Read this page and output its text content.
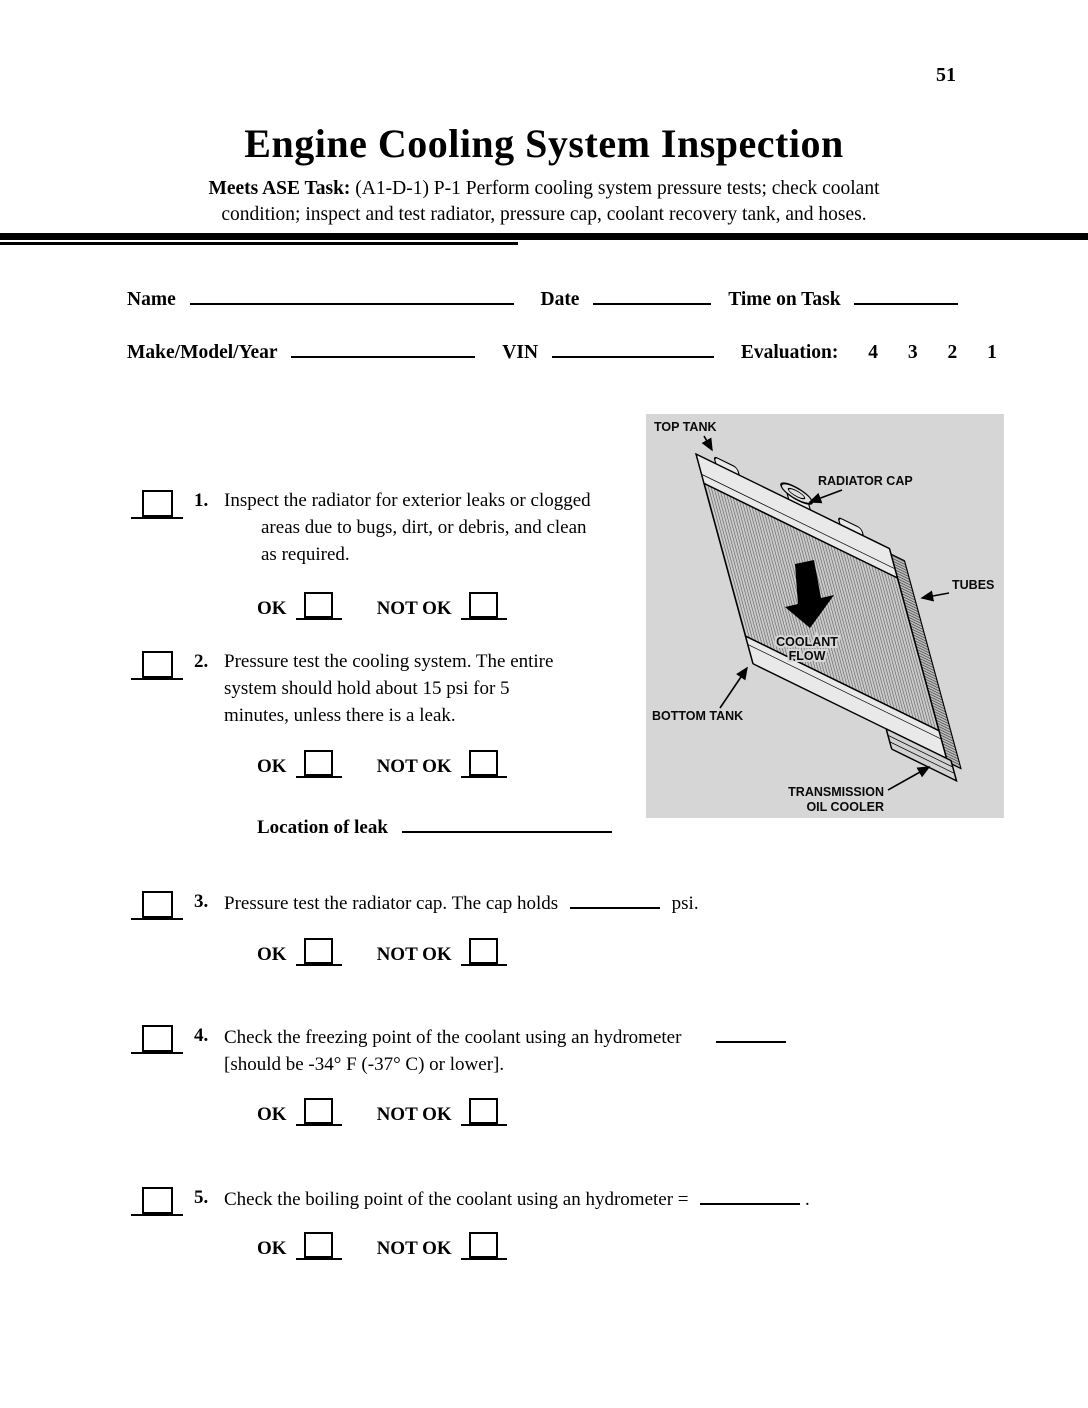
51
Engine Cooling System Inspection
Meets ASE Task: (A1-D-1) P-1 Perform cooling system pressure tests; check coolant
condition; inspect and test radiator, pressure cap, coolant recovery tank, and hoses.
Name	Date	Time on Task
Make/Model/Year	VIN	Evaluation: 4 3 2 1
TOP TANK
RADIATOR CAP
TUBES
COOLANT
FLOW
BOTTOM TANK
TRANSMISSION
OIL COOLER
1. Inspect the radiator for exterior leaks or clogged
areas due to bugs, dirt, or debris, and clean
as required.
OK	NOT OK
2. Pressure test the cooling system. The entire
system should hold about 15 psi for 5
minutes, unless there is a leak.
OK	NOT OK
Location of leak
3. Pressure test the radiator cap. The cap holds	psi.
OK	NOT OK
4. Check the freezing point of the coolant using an hydrometer
[should be -34° F (-37° C) or lower].
OK	NOT OK
5. Check the boiling point of the coolant using an hydrometer =	.
OK	NOT OK
